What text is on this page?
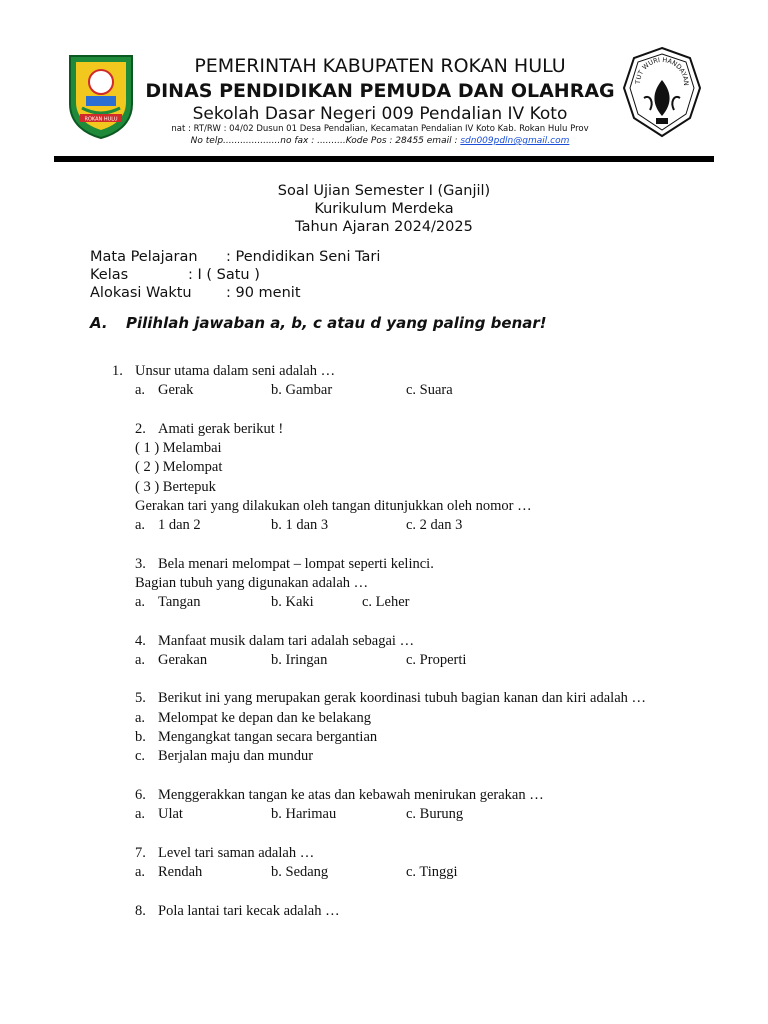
ROKAN HULU
TUT WURI HANDAYAN
PEMERINTAH KABUPATEN ROKAN HULU
DINAS PENDIDIKAN PEMUDA DAN OLAHRAG
Sekolah Dasar Negeri 009 Pendalian IV Koto
nat : RT/RW : 04/02 Dusun 01 Desa Pendalian, Kecamatan Pendalian IV Koto Kab. Rokan Hulu Prov
No telp....................no fax : ..........Kode Pos : 28455 email : sdn009pdln@gmail.com
Soal Ujian Semester I (Ganjil)
Kurikulum Merdeka
Tahun Ajaran 2024/2025
Mata Pelajaran : Pendidikan Seni Tari
Kelas	: I ( Satu )
Alokasi Waktu : 90 menit
A. Pilihlah jawaban a, b, c atau d yang paling benar!
1. Unsur utama dalam seni adalah …
a. Gerak	b. Gambar	c. Suara
2. Amati gerak berikut !
( 1 ) Melambai
( 2 ) Melompat
( 3 ) Bertepuk
Gerakan tari yang dilakukan oleh tangan ditunjukkan oleh nomor …
a. 1 dan 2	b. 1 dan 3	c. 2 dan 3
3. Bela menari melompat – lompat seperti kelinci.
Bagian tubuh yang digunakan adalah …
a. Tangan	b. Kaki	c. Leher
4. Manfaat musik dalam tari adalah sebagai …
a. Gerakan	b. Iringan	c. Properti
5. Berikut ini yang merupakan gerak koordinasi tubuh bagian kanan dan kiri adalah …
a. Melompat ke depan dan ke belakang
b. Mengangkat tangan secara bergantian
c. Berjalan maju dan mundur
6. Menggerakkan tangan ke atas dan kebawah menirukan gerakan …
a. Ulat	b. Harimau	c. Burung
7. Level tari saman adalah …
a. Rendah	b. Sedang	c. Tinggi
8. Pola lantai tari kecak adalah …
